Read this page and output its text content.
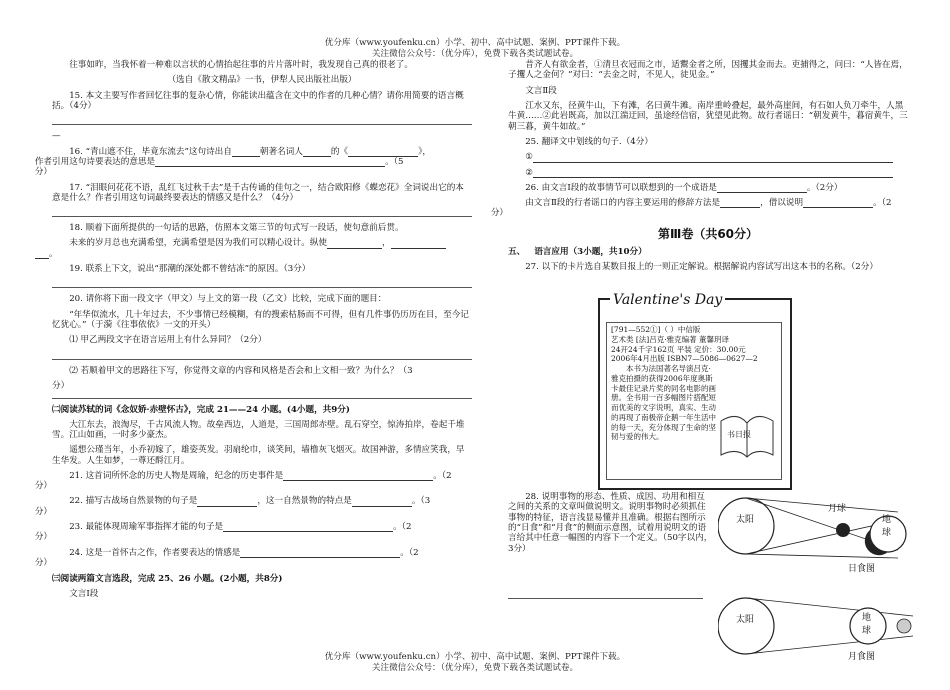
优分库（www.youfenku.cn）小学、初中、高中试题、案例、PPT课件下载。
关注微信公众号：（优分库），免费下载各类试题试卷。

往事如昨，当我怀着一种难以言状的心情抬起往事的片片落叶时，我发现自己真的很老了。

（选自《散文精品》一书，伊犁人民出版社出版）

15. 本文主要写作者回忆往事的复杂心情，你能读出蕴含在文中的作者的几种心情？请你用简要的语言概括。（4分）

—

16. “青山遮不住，毕竟东流去”这句诗出自	朝著名词人	的《	》，
作者引用这句诗要表达的意思是	。（5
分）

17. “泪眼问花花不语，乱红飞过秋千去”是千古传诵的佳句之一，结合欧阳修《蝶恋花》全词说出它的本意是什么？作者引用这句词最终要表达的情感又是什么？（4分）

18. 顺着下面所提供的一句话的思路，仿照本文第三节的句式写一段话，使句意前后贯。

未来的岁月总也充满希望，充满希望是因为我们可以精心设计。纵使	，
。

19. 联系上下文，说出“那潮的深处都不曾结冻”的原因。（3分）

20. 请你将下面一段文字（甲文）与上文的第一段（乙文）比较，完成下面的题目：

“年华似流水，几十年过去，不少事情已经模糊，有的搜索枯肠而不可得，但有几件事仍历历在目，至今记忆犹心。”（于漪《往事依依》一文的开头）

⑴ 甲乙两段文字在语言运用上有什么异同？（2分）

⑵ 若顺着甲文的思路往下写，你觉得文章的内容和风格是否会和上文相一致？为什么？（3

分）

㈡阅读苏轼的词《念奴娇·赤壁怀古》，完成 21——24 小题。(4小题，共9分)

大江东去，浪淘尽，千古风流人物。故垒西边，人道是，三国周郎赤壁。乱石穿空，惊涛拍岸，卷起千堆雪。江山如画，一时多少豪杰。

遥想公瑾当年，小乔初嫁了，雄姿英发。羽扇纶巾，谈笑间，墙橹灰飞烟灭。故国神游，多情应笑我，早生华发。人生如梦，一尊还酹江月。

21. 这首词所怀念的历史人物是周瑜，纪念的历史事件是	。（2
分）

22. 描写古战场自然景物的句子是	，这一自然景物的特点是	。（3
分）

23. 最能体现周瑜军事指挥才能的句子是	。（2
分）

24. 这是一首怀古之作，作者要表达的情感是	。（2
分）

㈢阅读两篇文言选段，完成 25、26 小题。(2小题，共8分)

文言Ⅰ段

昔齐人有欲金者，①清旦衣冠而之市，适鬻金者之所，因攫其金而去。吏捕得之，问曰：“人皆在焉，子攫人之金何？”对曰：“去金之时，不见人，徒见金。”

文言Ⅱ段

江水又东，径黄牛山，下有滩，名曰黄牛滩。南岸重岭叠起，最外高崖间，有石如人负刀牵牛，人黑牛黄……②此岩既高，加以江湍迂回，虽途经信宿，犹望见此物。故行者谣曰：“朝发黄牛，暮宿黄牛，三朝三暮，黄牛如故。”

25. 翻译文中划线的句子.（4分）

①

②

26. 由文言Ⅰ段的故事情节可以联想到的一个成语是	。（2分）

由文言Ⅱ段的行者谣口的内容主要运用的修辞方法是	，借以说明	。（2
分）

第Ⅲ卷（共60分）

五、 语言应用（3小题，共10分）

27. 以下的卡片选自某数目报上的一则正定解说。根据解说内容试写出这本书的名称。（2分）

Valentine's Day
[791—552①]（ ）中信版
艺术类 [法]吕克·雅克编著 董馨玥译
24开24千字162页 平装 定价：30.00元
2006年4月出版 ISBN7—5086—0627—2
本书为法国著名导演吕克·雅克拍摄的获得2006年度奥斯卡最佳记录片奖的同名电影的画册。全书用一百多幅图片搭配短而优美的文字说明，真实、生动的再现了南极帝企鹅一年生活中的每一天，充分体现了生命的坚韧与爱的伟大。	书日报

28. 说明事物的形态、性质、成因、功用和相互之间的关系的文章叫做说明文。说明事物时必须抓住事物的特征，语言浅显易懂并且准确。根据右图所示的“日食”和“月食”的侧面示意图，试着用说明文的语言给其中任意一幅图的内容下一个定义。（50字以内，3分）

太阳
月球
地球
日食图
太阳	地球
月食图
优分库（www.youfenku.cn）小学、初中、高中试题、案例、PPT课件下载。
关注微信公众号：（优分库），免费下载各类试题试卷。
